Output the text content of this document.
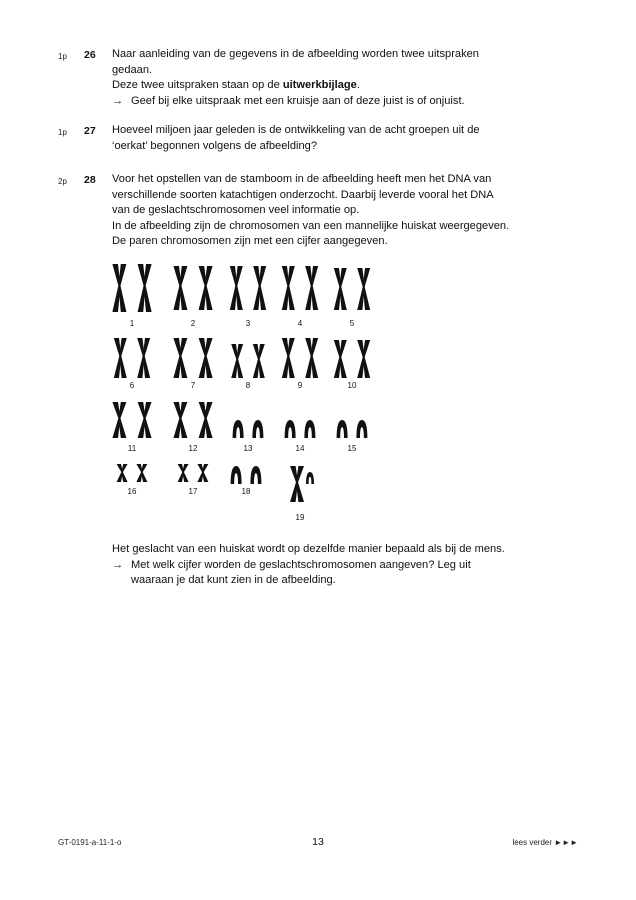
1p 26 Naar aanleiding van de gegevens in de afbeelding worden twee uitspraken

gedaan.

Deze twee uitspraken staan op de uitwerkbijlage.

→ Geef bij elke uitspraak met een kruisje aan of deze juist is of onjuist.

1p 27 Hoeveel miljoen jaar geleden is de ontwikkeling van de acht groepen uit de

‘oerkat’ begonnen volgens de afbeelding?

2p 28 Voor het opstellen van de stamboom in de afbeelding heeft men het DNA van

verschillende soorten katachtigen onderzocht. Daarbij leverde vooral het DNA

van de geslachtschromosomen veel informatie op.

In de afbeelding zijn de chromosomen van een mannelijke huiskat weergegeven.

De paren chromosomen zijn met een cijfer aangegeven.

1	2	3	4	5
6	7	8	9	10
11	12	13	14	15
16	17	18
19

Het geslacht van een huiskat wordt op dezelfde manier bepaald als bij de mens.

→ Met welk cijfer worden de geslachtschromosomen aangeven? Leg uit

waaraan je dat kunt zien in de afbeelding.

GT-0191-a-11-1-o	13	lees verder ►►►
